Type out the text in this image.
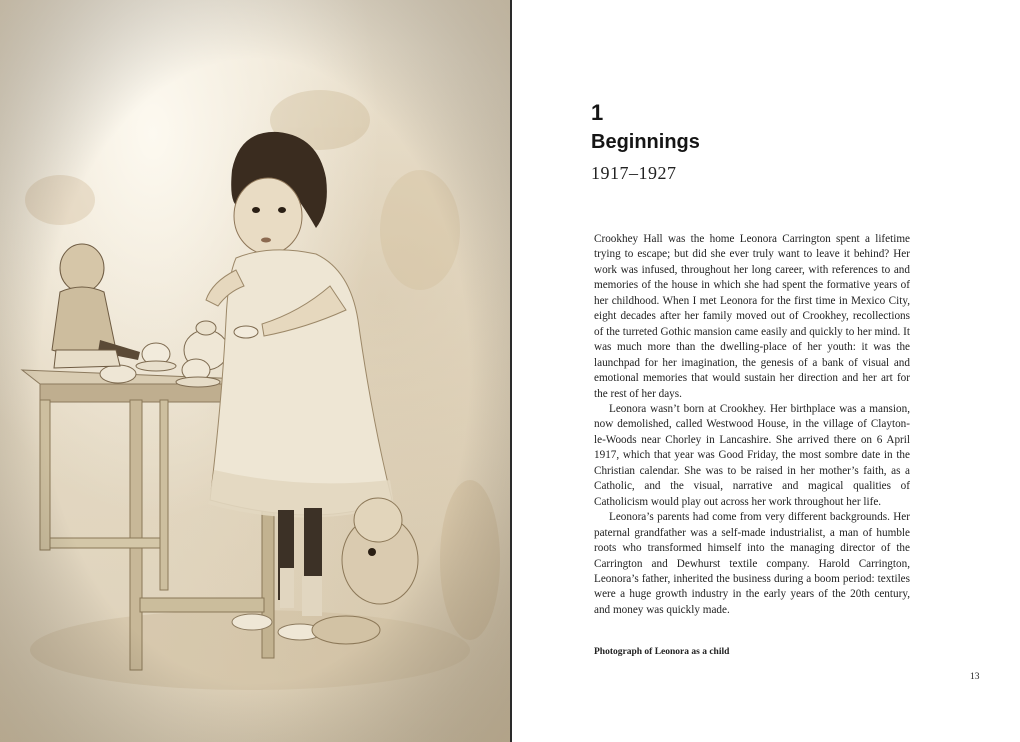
1
Beginnings
1917–1927

Crookhey Hall was the home Leonora Carrington spent a lifetime trying to escape; but did she ever truly want to leave it behind? Her work was infused, throughout her long career, with references to and memories of the house in which she had spent the formative years of her childhood. When I met Leonora for the first time in Mexico City, eight decades after her family moved out of Crookhey, recollections of the turreted Gothic mansion came easily and quickly to her mind. It was much more than the dwelling-place of her youth: it was the launchpad for her imagination, the genesis of a bank of visual and emotional memories that would sustain her direction and her art for the rest of her days.

Leonora wasn’t born at Crookhey. Her birthplace was a mansion, now demolished, called Westwood House, in the village of Clayton-le-Woods near Chorley in Lancashire. She arrived there on 6 April 1917, which that year was Good Friday, the most sombre date in the Christian calendar. She was to be raised in her mother’s faith, as a Catholic, and the visual, narrative and magical qualities of Catholicism would play out across her work throughout her life.

Leonora’s parents had come from very different backgrounds. Her paternal grandfather was a self-made industrialist, a man of humble roots who transformed himself into the managing director of the Carrington and Dewhurst textile company. Harold Carrington, Leonora’s father, inherited the business during a boom period: textiles were a huge growth industry in the early years of the 20th century, and money was quickly made.

Photograph of Leonora as a child
13
